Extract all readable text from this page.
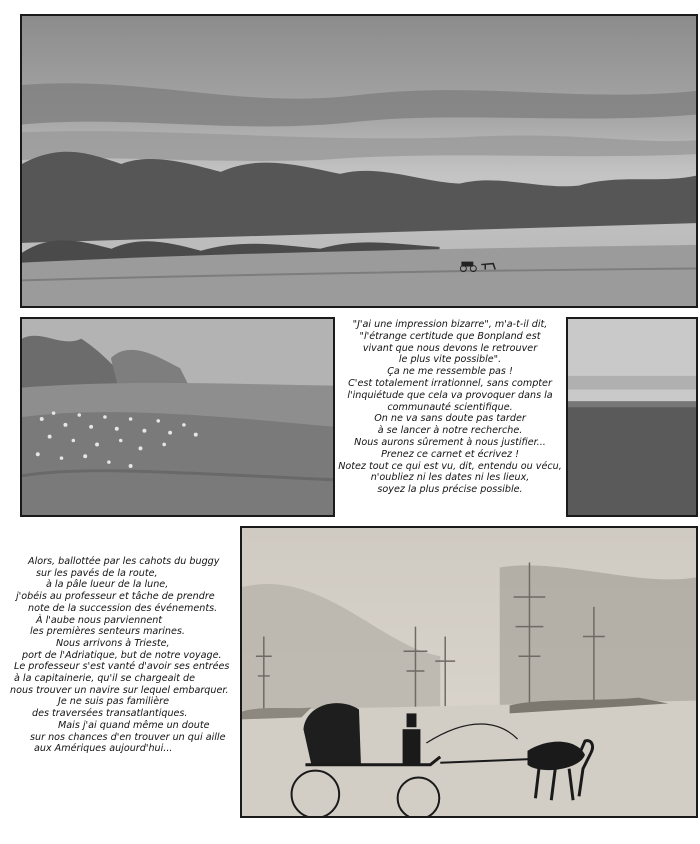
"J'ai une impression bizarre", m'a-t-il dit,
"l'étrange certitude que Bonpland est
vivant que nous devons le retrouver
le plus vite possible".
Ça ne me ressemble pas !
C'est totalement irrationnel, sans compter
l'inquiétude que cela va provoquer dans la
communauté scientifique.
On ne va sans doute pas tarder
à se lancer à notre recherche.
Nous aurons sûrement à nous justifier...
Prenez ce carnet et écrivez !
Notez tout ce qui est vu, dit, entendu ou vécu,
n'oubliez ni les dates ni les lieux,
soyez la plus précise possible.
Alors, ballottée par les cahots du buggy
sur les pavés de la route,
à la pâle lueur de la lune,
j'obéis au professeur et tâche de prendre
note de la succession des événements.
À l'aube nous parviennent
les premières senteurs marines.
Nous arrivons à Trieste,
port de l'Adriatique, but de notre voyage.
Le professeur s'est vanté d'avoir ses entrées
à la capitainerie, qu'il se chargeait de
nous trouver un navire sur lequel embarquer.
Je ne suis pas familière
des traversées transatlantiques.
Mais j'ai quand même un doute
sur nos chances d'en trouver un qui aille
aux Amériques aujourd'hui...
